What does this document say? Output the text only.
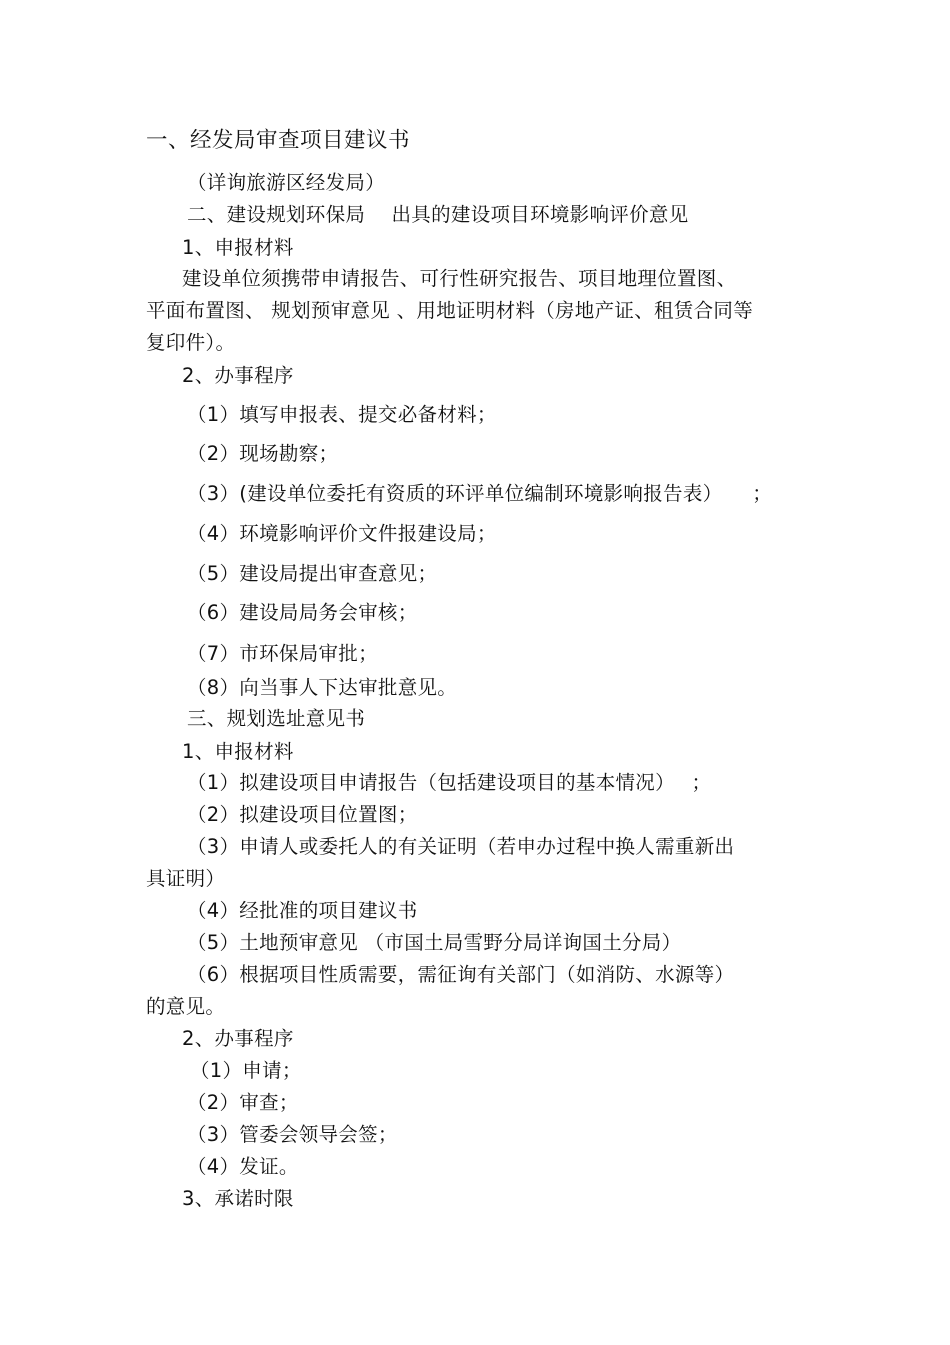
一、经发局审查项目建议书
（详询旅游区经发局）
二、建设规划环保局　 出具的建设项目环境影响评价意见
1、申报材料
建设单位须携带申请报告、可行性研究报告、项目地理位置图、
平面布置图、 规划预审意见 、用地证明材料（房地产证、租赁合同等
复印件）。
2、办事程序
（1）填写申报表、提交必备材料；
（2）现场勘察；
（3）(建设单位委托有资质的环评单位编制环境影响报告表）　　；
（4）环境影响评价文件报建设局；
（5）建设局提出审查意见；
（6）建设局局务会审核；
（7）市环保局审批；
（8）向当事人下达审批意见。
三、规划选址意见书
1、申报材料
（1）拟建设项目申请报告（包括建设项目的基本情况）　 ；
（2）拟建设项目位置图；
（3）申请人或委托人的有关证明（若申办过程中换人需重新出
具证明）
（4）经批准的项目建议书
（5）土地预审意见 （市国土局雪野分局详询国土分局）
（6）根据项目性质需要，需征询有关部门（如消防、水源等）
的意见。
2、办事程序
（1）申请；
（2）审查；
（3）管委会领导会签；
（4）发证。
3、承诺时限
